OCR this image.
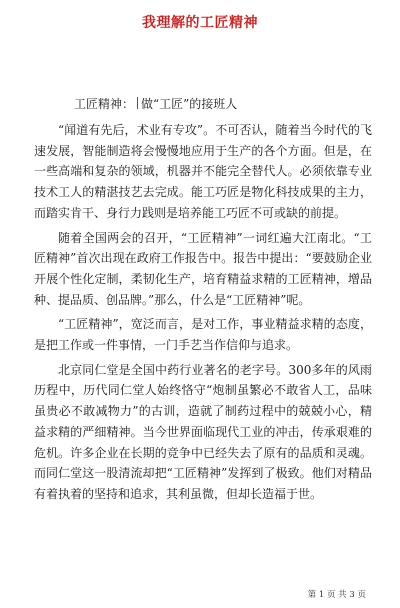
我理解的工匠精神
工匠精神： 做“工匠”的接班人

“闻道有先后，术业有专攻”。不可否认，随着当今时代的飞速发展，智能制造将会慢慢地应用于生产的各个方面。但是，在一些高端和复杂的领域，机器并不能完全替代人。必须依靠专业技术工人的精湛技艺去完成。能工巧匠是物化科技成果的主力，而踏实肯干、身行力践则是培养能工巧匠不可或缺的前提。

随着全国两会的召开，“工匠精神”一词红遍大江南北。“工匠精神”首次出现在政府工作报告中。报告中提出：“要鼓励企业开展个性化定制，柔韧化生产，培育精益求精的工匠精神，增品种、提品质、创品牌。”那么，什么是“工匠精神”呢。

“工匠精神”，宽泛而言，是对工作，事业精益求精的态度，是把工作或一件事情，一门手艺当作信仰与追求。

北京同仁堂是全国中药行业著名的老字号。300多年的风雨历程中，历代同仁堂人始终恪守“炮制虽繁必不敢省人工，品味虽贵必不敢减物力”的古训，造就了制药过程中的兢兢小心，精益求精的严细精神。当今世界面临现代工业的冲击，传承艰难的危机。许多企业在长期的竞争中已经失去了原有的品质和灵魂。而同仁堂这一股清流却把“工匠精神”发挥到了极致。他们对精品有着执着的坚持和追求，其利虽微，但却长造福于世。

第 1 页 共 3 页
